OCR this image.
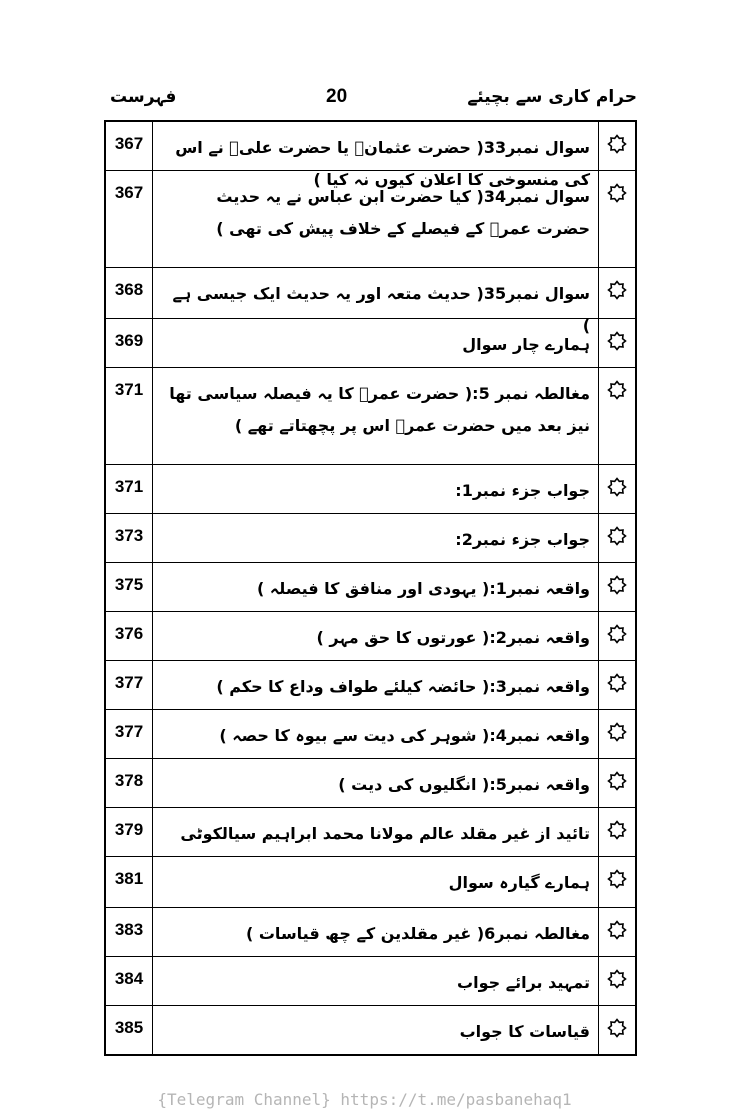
حرام کاری سے بچیئے
20
فہرست
سوال نمبر33( حضرت عثمانؓ یا حضرت علیؓ نے اس کی منسوخی کا اعلان کیوں نہ کیا )
367
سوال نمبر34( کیا حضرت ابن عباس نے یہ حدیث حضرت عمرؓ کے فیصلے کے خلاف پیش کی تھی )
367
سوال نمبر35( حدیث متعہ اور یہ حدیث ایک جیسی ہے )
368
ہمارے چار سوال
369
مغالطہ نمبر 5:( حضرت عمرؓ کا یہ فیصلہ سیاسی تھا نیز بعد میں حضرت عمرؓ اس پر پچھتاتے تھے )
371
جواب جزء نمبر1:
371
جواب جزء نمبر2:
373
واقعہ نمبر1:( یہودی اور منافق کا فیصلہ )
375
واقعہ نمبر2:( عورتوں کا حق مہر )
376
واقعہ نمبر3:( حائضہ کیلئے طواف وداع کا حکم )
377
واقعہ نمبر4:( شوہر کی دیت سے بیوہ کا حصہ )
377
واقعہ نمبر5:( انگلیوں کی دیت )
378
تائید از غیر مقلد عالم مولانا محمد ابراہیم سیالکوٹی
379
ہمارے گیارہ سوال
381
مغالطہ نمبر6( غیر مقلدین کے چھ قیاسات )
383
تمہید برائے جواب
384
قیاسات کا جواب
385
{Telegram Channel} https://t.me/pasbanehaq1
